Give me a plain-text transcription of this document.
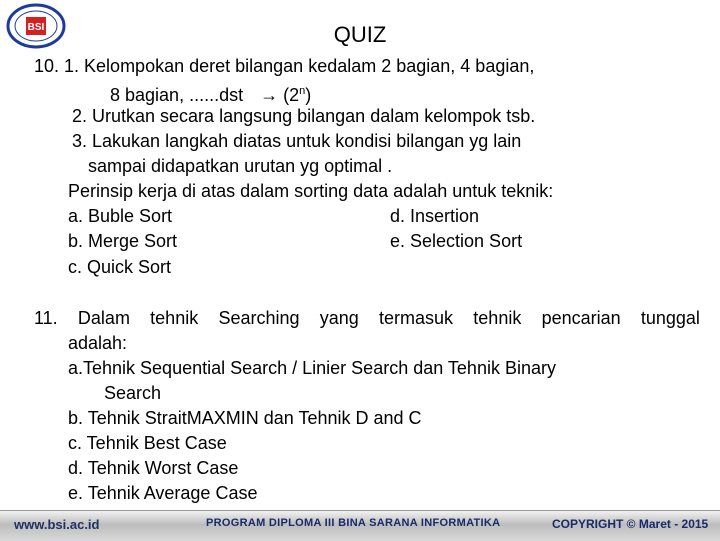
BSI	QUIZ
10. 1. Kelompokan deret bilangan kedalam 2 bagian, 4 bagian,
8 bagian, $......dst \to (2^n)$
2. Urutkan secara langsung bilangan dalam kelompok tsb.
3. Lakukan langkah diatas untuk kondisi bilangan yg lain
sampai didapatkan urutan yg optimal .
Perinsip kerja di atas dalam sorting data adalah untuk teknik:
a. Buble Sort	d. Insertion
b. Merge Sort	e. Selection Sort
c. Quick Sort
11. Dalam tehnik Searching yang termasuk tehnik pencarian tunggal
adalah:
a.Tehnik Sequential Search / Linier Search dan Tehnik Binary
Search
b. Tehnik StraitMAXMIN dan Tehnik D and C
c. Tehnik Best Case
d. Tehnik Worst Case
e. Tehnik Average Case
www.bsi.ac.id	PROGRAM DIPLOMA III BINA SARANA INFORMATIKA	COPYRIGHT © Maret - 2015
